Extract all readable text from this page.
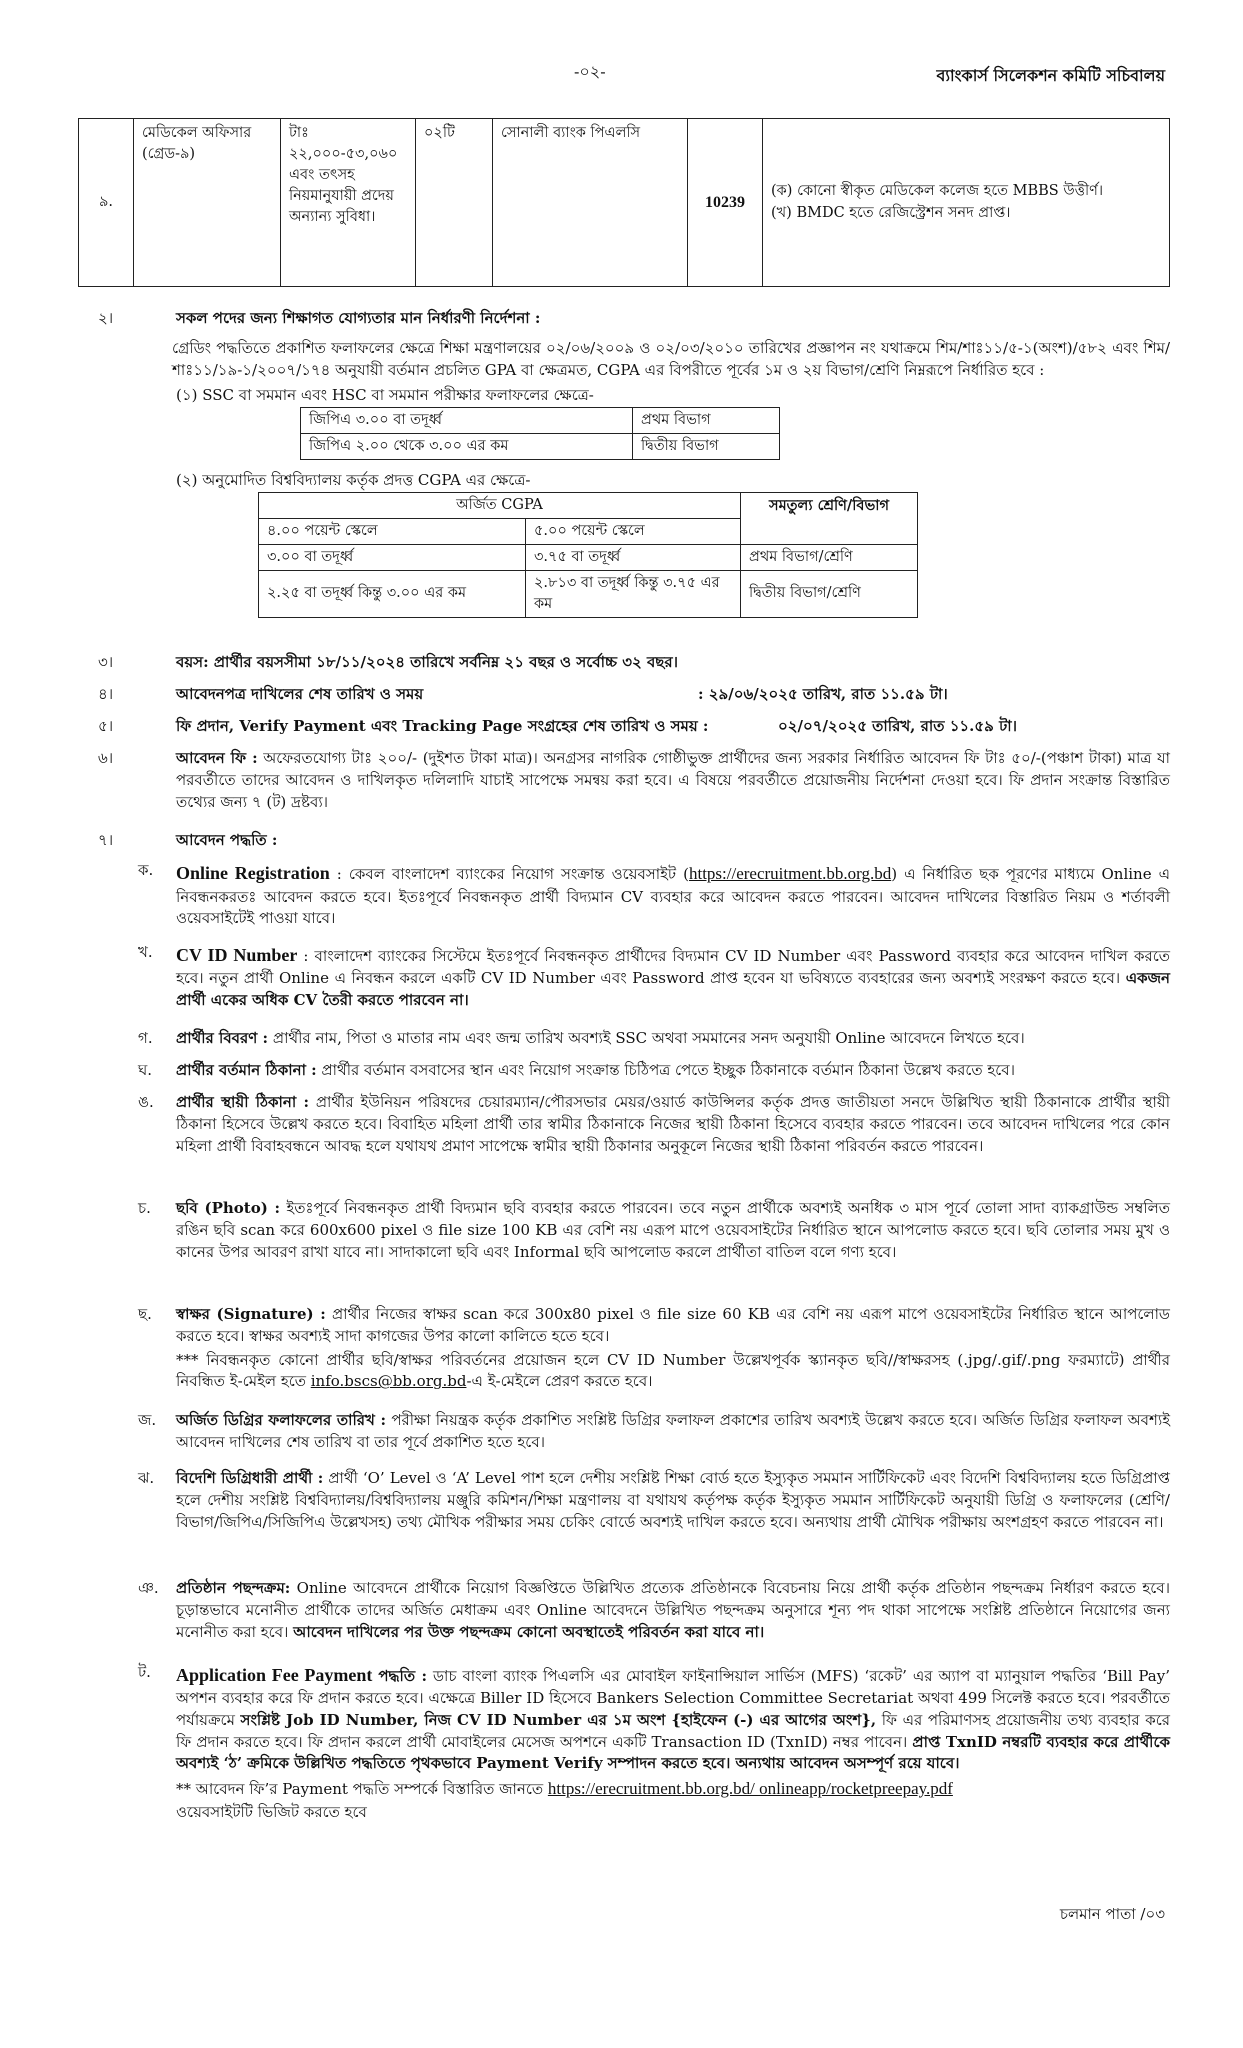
-০২-	ব্যাংকার্স সিলেকশন কমিটি সচিবালয়
৯.	মেডিকেল অফিসার (গ্রেড-৯)	টাঃ ২২,০০০-৫৩,০৬০ এবং তৎসহ নিয়মানুযায়ী প্রদেয় অন্যান্য সুবিধা।	০২টি	সোনালী ব্যাংক পিএলসি	10239	
(ক) কোনো স্বীকৃত মেডিকেল কলেজ হতে MBBS উত্তীর্ণ।
(খ) BMDC হতে রেজিস্ট্রেশন সনদ প্রাপ্ত।
২।	সকল পদের জন্য শিক্ষাগত যোগ্যতার মান নির্ধারণী নির্দেশনা :

গ্রেডিং পদ্ধতিতে প্রকাশিত ফলাফলের ক্ষেত্রে শিক্ষা মন্ত্রণালয়ের ০২/০৬/২০০৯ ও ০২/০৩/২০১০ তারিখের প্রজ্ঞাপন নং যথাক্রমে শিম/শাঃ১১/৫-১(অংশ)/৫৮২ এবং শিম/শাঃ১১/১৯-১/২০০৭/১৭৪ অনুযায়ী বর্তমান প্রচলিত GPA বা ক্ষেত্রমত, CGPA এর বিপরীতে পূর্বের ১ম ও ২য় বিভাগ/শ্রেণি নিম্নরূপে নির্ধারিত হবে :

(১) SSC বা সমমান এবং HSC বা সমমান পরীক্ষার ফলাফলের ক্ষেত্রে-

জিপিএ ৩.০০ বা তদূর্ধ্ব	প্রথম বিভাগ
জিপিএ ২.০০ থেকে ৩.০০ এর কম	দ্বিতীয় বিভাগ

(২) অনুমোদিত বিশ্ববিদ্যালয় কর্তৃক প্রদত্ত CGPA এর ক্ষেত্রে-

অর্জিত CGPA		সমতুল্য শ্রেণি/বিভাগ
৪.০০ পয়েন্ট স্কেলে	৫.০০ পয়েন্ট স্কেলে	
৩.০০ বা তদূর্ধ্ব	৩.৭৫ বা তদূর্ধ্ব	প্রথম বিভাগ/শ্রেণি
২.২৫ বা তদূর্ধ্ব কিন্তু ৩.০০ এর কম	২.৮১৩ বা তদূর্ধ্ব কিন্তু ৩.৭৫ এর কম	দ্বিতীয় বিভাগ/শ্রেণি
৩।	বয়স: প্রার্থীর বয়সসীমা ১৮/১১/২০২৪ তারিখে সর্বনিম্ন ২১ বছর ও সর্বোচ্চ ৩২ বছর।
৪।	আবেদনপত্র দাখিলের শেষ তারিখ ও সময়	: ২৯/০৬/২০২৫ তারিখ, রাত ১১.৫৯ টা।
৫।	ফি প্রদান, Verify Payment এবং Tracking Page সংগ্রহের শেষ তারিখ ও সময় :	০২/০৭/২০২৫ তারিখ, রাত ১১.৫৯ টা।
৬।	আবেদন ফি : অফেরতযোগ্য টাঃ ২০০/- (দুইশত টাকা মাত্র)। অনগ্রসর নাগরিক গোষ্ঠীভুক্ত প্রার্থীদের জন্য সরকার নির্ধারিত আবেদন ফি টাঃ ৫০/-(পঞ্চাশ টাকা) মাত্র যা পরবর্তীতে তাদের আবেদন ও দাখিলকৃত দলিলাদি যাচাই সাপেক্ষে সমন্বয় করা হবে। এ বিষয়ে পরবর্তীতে প্রয়োজনীয় নির্দেশনা দেওয়া হবে। ফি প্রদান সংক্রান্ত বিস্তারিত তথ্যের জন্য ৭ (ট) দ্রষ্টব্য।
৭।	আবেদন পদ্ধতি :
ক.	Online Registration : কেবল বাংলাদেশ ব্যাংকের নিয়োগ সংক্রান্ত ওয়েবসাইট (https://erecruitment.bb.org.bd) এ নির্ধারিত ছক পূরণের মাধ্যমে Online এ নিবন্ধনকরতঃ আবেদন করতে হবে। ইতঃপূর্বে নিবন্ধনকৃত প্রার্থী বিদ্যমান CV ব্যবহার করে আবেদন করতে পারবেন। আবেদন দাখিলের বিস্তারিত নিয়ম ও শর্তাবলী ওয়েবসাইটেই পাওয়া যাবে।
খ.	CV ID Number : বাংলাদেশ ব্যাংকের সিস্টেমে ইতঃপূর্বে নিবন্ধনকৃত প্রার্থীদের বিদ্যমান CV ID Number এবং Password ব্যবহার করে আবেদন দাখিল করতে হবে। নতুন প্রার্থী Online এ নিবন্ধন করলে একটি CV ID Number এবং Password প্রাপ্ত হবেন যা ভবিষ্যতে ব্যবহারের জন্য অবশ্যই সংরক্ষণ করতে হবে। একজন প্রার্থী একের অধিক CV তৈরী করতে পারবেন না।
গ.	প্রার্থীর বিবরণ : প্রার্থীর নাম, পিতা ও মাতার নাম এবং জন্ম তারিখ অবশ্যই SSC অথবা সমমানের সনদ অনুযায়ী Online আবেদনে লিখতে হবে।
ঘ.	প্রার্থীর বর্তমান ঠিকানা : প্রার্থীর বর্তমান বসবাসের স্থান এবং নিয়োগ সংক্রান্ত চিঠিপত্র পেতে ইচ্ছুক ঠিকানাকে বর্তমান ঠিকানা উল্লেখ করতে হবে।
ঙ.	প্রার্থীর স্থায়ী ঠিকানা : প্রার্থীর ইউনিয়ন পরিষদের চেয়ারম্যান/পৌরসভার মেয়র/ওয়ার্ড কাউন্সিলর কর্তৃক প্রদত্ত জাতীয়তা সনদে উল্লিখিত স্থায়ী ঠিকানাকে প্রার্থীর স্থায়ী ঠিকানা হিসেবে উল্লেখ করতে হবে। বিবাহিত মহিলা প্রার্থী তার স্বামীর ঠিকানাকে নিজের স্থায়ী ঠিকানা হিসেবে ব্যবহার করতে পারবেন। তবে আবেদন দাখিলের পরে কোন মহিলা প্রার্থী বিবাহবন্ধনে আবদ্ধ হলে যথাযথ প্রমাণ সাপেক্ষে স্বামীর স্থায়ী ঠিকানার অনুকূলে নিজের স্থায়ী ঠিকানা পরিবর্তন করতে পারবেন।
চ.	ছবি (Photo) : ইতঃপূর্বে নিবন্ধনকৃত প্রার্থী বিদ্যমান ছবি ব্যবহার করতে পারবেন। তবে নতুন প্রার্থীকে অবশ্যই অনধিক ৩ মাস পূর্বে তোলা সাদা ব্যাকগ্রাউন্ড সম্বলিত রঙিন ছবি scan করে 600x600 pixel ও file size 100 KB এর বেশি নয় এরূপ মাপে ওয়েবসাইটের নির্ধারিত স্থানে আপলোড করতে হবে। ছবি তোলার সময় মুখ ও কানের উপর আবরণ রাখা যাবে না। সাদাকালো ছবি এবং Informal ছবি আপলোড করলে প্রার্থীতা বাতিল বলে গণ্য হবে।
ছ.	স্বাক্ষর (Signature) : প্রার্থীর নিজের স্বাক্ষর scan করে 300x80 pixel ও file size 60 KB এর বেশি নয় এরূপ মাপে ওয়েবসাইটের নির্ধারিত স্থানে আপলোড করতে হবে। স্বাক্ষর অবশ্যই সাদা কাগজের উপর কালো কালিতে হতে হবে।

*** নিবন্ধনকৃত কোনো প্রার্থীর ছবি/স্বাক্ষর পরিবর্তনের প্রয়োজন হলে CV ID Number উল্লেখপূর্বক স্ক্যানকৃত ছবি//স্বাক্ষরসহ (.jpg/.gif/.png ফরম্যাটে) প্রার্থীর নিবন্ধিত ই-মেইল হতে info.bscs@bb.org.bd-এ ই-মেইলে প্রেরণ করতে হবে।

জ.	অর্জিত ডিগ্রির ফলাফলের তারিখ : পরীক্ষা নিয়ন্ত্রক কর্তৃক প্রকাশিত সংশ্লিষ্ট ডিগ্রির ফলাফল প্রকাশের তারিখ অবশ্যই উল্লেখ করতে হবে। অর্জিত ডিগ্রির ফলাফল অবশ্যই আবেদন দাখিলের শেষ তারিখ বা তার পূর্বে প্রকাশিত হতে হবে।
ঝ.	বিদেশি ডিগ্রিধারী প্রার্থী : প্রার্থী ‘O’ Level ও ‘A’ Level পাশ হলে দেশীয় সংশ্লিষ্ট শিক্ষা বোর্ড হতে ইস্যুকৃত সমমান সার্টিফিকেট এবং বিদেশি বিশ্ববিদ্যালয় হতে ডিগ্রিপ্রাপ্ত হলে দেশীয় সংশ্লিষ্ট বিশ্ববিদ্যালয়/বিশ্ববিদ্যালয় মঞ্জুরি কমিশন/শিক্ষা মন্ত্রণালয় বা যথাযথ কর্তৃপক্ষ কর্তৃক ইস্যুকৃত সমমান সার্টিফিকেট অনুযায়ী ডিগ্রি ও ফলাফলের (শ্রেণি/বিভাগ/জিপিএ/সিজিপিএ উল্লেখসহ) তথ্য মৌখিক পরীক্ষার সময় চেকিং বোর্ডে অবশ্যই দাখিল করতে হবে। অন্যথায় প্রার্থী মৌখিক পরীক্ষায় অংশগ্রহণ করতে পারবেন না।
ঞ.	প্রতিষ্ঠান পছন্দক্রম: Online আবেদনে প্রার্থীকে নিয়োগ বিজ্ঞপ্তিতে উল্লিখিত প্রত্যেক প্রতিষ্ঠানকে বিবেচনায় নিয়ে প্রার্থী কর্তৃক প্রতিষ্ঠান পছন্দক্রম নির্ধারণ করতে হবে। চূড়ান্তভাবে মনোনীত প্রার্থীকে তাদের অর্জিত মেধাক্রম এবং Online আবেদনে উল্লিখিত পছন্দক্রম অনুসারে শূন্য পদ থাকা সাপেক্ষে সংশ্লিষ্ট প্রতিষ্ঠানে নিয়োগের জন্য মনোনীত করা হবে। আবেদন দাখিলের পর উক্ত পছন্দক্রম কোনো অবস্থাতেই পরিবর্তন করা যাবে না।
ট.	Application Fee Payment পদ্ধতি : ডাচ বাংলা ব্যাংক পিএলসি এর মোবাইল ফাইনান্সিয়াল সার্ভিস (MFS) ‘রকেট’ এর অ্যাপ বা ম্যানুয়াল পদ্ধতির ‘Bill Pay’ অপশন ব্যবহার করে ফি প্রদান করতে হবে। এক্ষেত্রে Biller ID হিসেবে Bankers Selection Committee Secretariat অথবা 499 সিলেক্ট করতে হবে। পরবর্তীতে পর্যায়ক্রমে সংশ্লিষ্ট Job ID Number, নিজ CV ID Number এর ১ম অংশ {হাইফেন (-) এর আগের অংশ}, ফি এর পরিমাণসহ প্রয়োজনীয় তথ্য ব্যবহার করে ফি প্রদান করতে হবে। ফি প্রদান করলে প্রার্থী মোবাইলের মেসেজ অপশনে একটি Transaction ID (TxnID) নম্বর পাবেন। প্রাপ্ত TxnID নম্বরটি ব্যবহার করে প্রার্থীকে অবশ্যই ‘ঠ’ ক্রমিকে উল্লিখিত পদ্ধতিতে পৃথকভাবে Payment Verify সম্পাদন করতে হবে। অন্যথায় আবেদন অসম্পূর্ণ রয়ে যাবে।

** আবেদন ফি’র Payment পদ্ধতি সম্পর্কে বিস্তারিত জানতে https://erecruitment.bb.org.bd/ onlineapp/rocketpreepay.pdf

ওয়েবসাইটটি ভিজিট করতে হবে

চলমান পাতা /০৩
